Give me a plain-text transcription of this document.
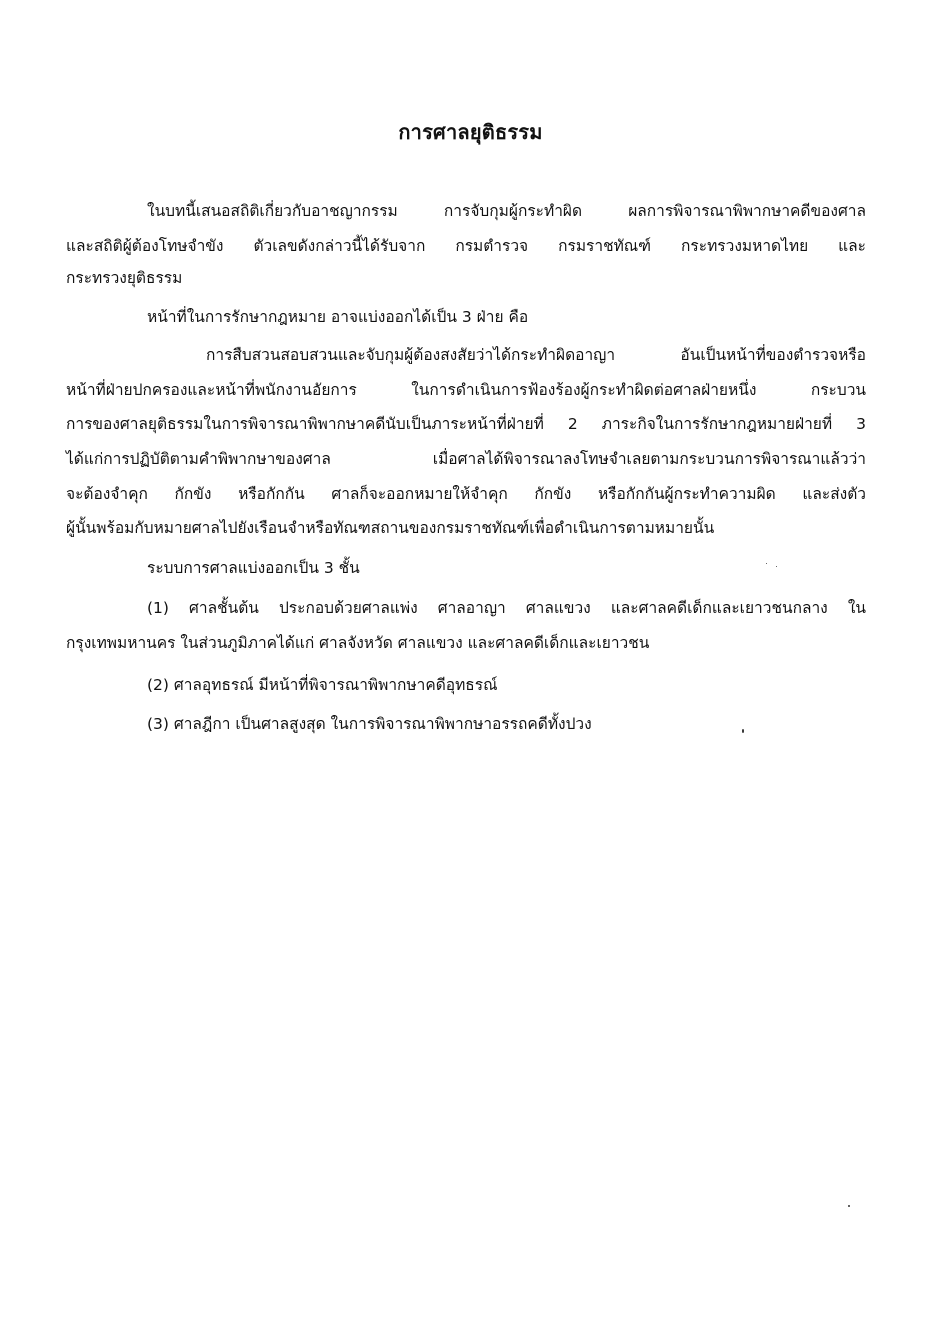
การศาลยุติธรรม
ในบทนี้เสนอสถิติเกี่ยวกับอาชญากรรม การจับกุมผู้กระทำผิด ผลการพิจารณาพิพากษาคดีของศาล
และสถิติผู้ต้องโทษจำขัง ตัวเลขดังกล่าวนี้ได้รับจาก กรมตำรวจ กรมราชทัณฑ์ กระทรวงมหาดไทย และ
กระทรวงยุติธรรม
หน้าที่ในการรักษากฎหมาย อาจแบ่งออกได้เป็น 3 ฝ่าย คือ
การสืบสวนสอบสวนและจับกุมผู้ต้องสงสัยว่าได้กระทำผิดอาญา อันเป็นหน้าที่ของตำรวจหรือ
หน้าที่ฝ่ายปกครองและหน้าที่พนักงานอัยการ ในการดำเนินการฟ้องร้องผู้กระทำผิดต่อศาลฝ่ายหนึ่ง กระบวน
การของศาลยุติธรรมในการพิจารณาพิพากษาคดีนับเป็นภาระหน้าที่ฝ่ายที่ 2 ภาระกิจในการรักษากฎหมายฝ่ายที่ 3
ได้แก่การปฏิบัติตามคำพิพากษาของศาล เมื่อศาลได้พิจารณาลงโทษจำเลยตามกระบวนการพิจารณาแล้วว่า
จะต้องจำคุก กักขัง หรือกักกัน ศาลก็จะออกหมายให้จำคุก กักขัง หรือกักกันผู้กระทำความผิด และส่งตัว
ผู้นั้นพร้อมกับหมายศาลไปยังเรือนจำหรือทัณฑสถานของกรมราชทัณฑ์เพื่อดำเนินการตามหมายนั้น
ระบบการศาลแบ่งออกเป็น 3 ชั้น
(1) ศาลชั้นต้น ประกอบด้วยศาลแพ่ง ศาลอาญา ศาลแขวง และศาลคดีเด็กและเยาวชนกลาง ใน
กรุงเทพมหานคร ในส่วนภูมิภาคได้แก่ ศาลจังหวัด ศาลแขวง และศาลคดีเด็กและเยาวชน
(2) ศาลอุทธรณ์ มีหน้าที่พิจารณาพิพากษาคดีอุทธรณ์
(3) ศาลฎีกา เป็นศาลสูงสุด ในการพิจารณาพิพากษาอรรถคดีทั้งปวง
